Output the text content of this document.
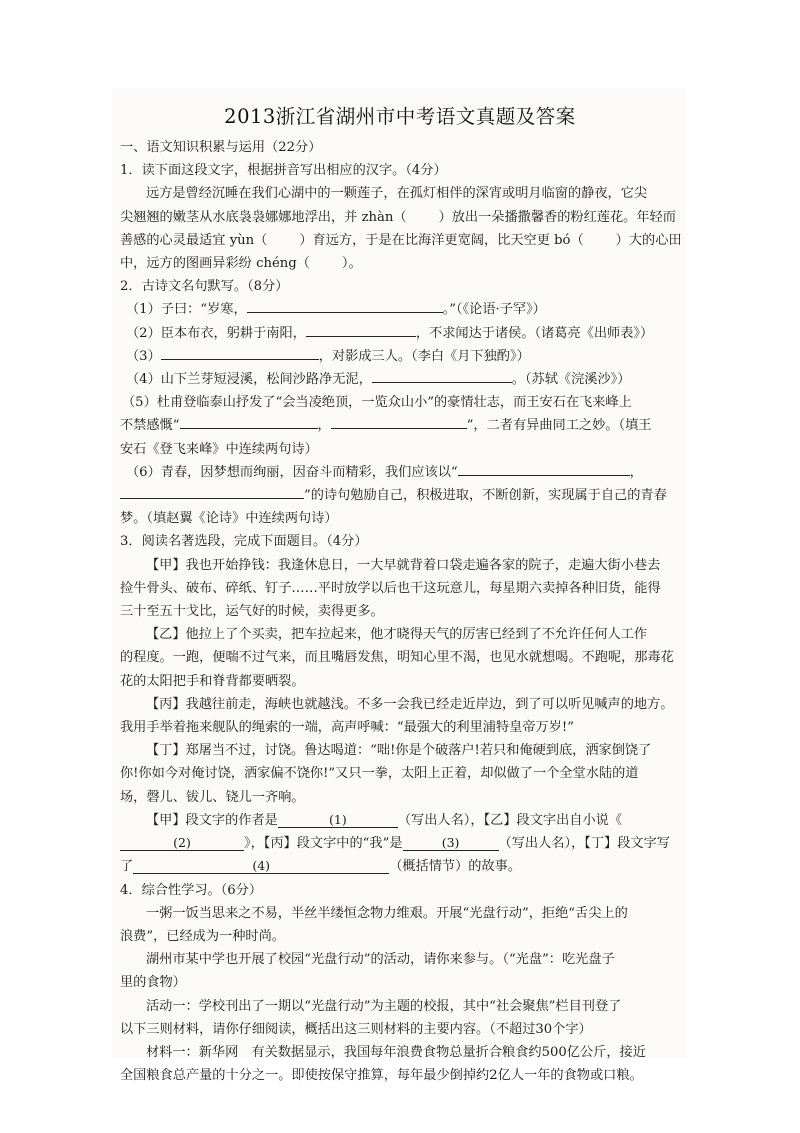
2013浙江省湖州市中考语文真题及答案
一、语文知识积累与运用（22分）
1．读下面这段文字，根据拼音写出相应的汉字。（4分）
远方是曾经沉睡在我们心湖中的一颗莲子，在孤灯相伴的深宵或明月临窗的静夜，它尖
尖翘翘的嫩茎从水底袅袅娜娜地浮出，并 zhàn（ ）放出一朵播撒馨香的粉红莲花。年轻而
善感的心灵最适宜 yùn（ ）育远方，于是在比海洋更宽阔，比天空更 bó（ ）大的心田
中，远方的图画异彩纷 chéng（ ）。
2．古诗文名句默写。（8分）
（1）子曰：“岁寒，	。”（《论语·子罕》）
（2）臣本布衣，躬耕于南阳，	，不求闻达于诸侯。（诸葛亮《出师表》）
（3）	，对影成三人。（李白《月下独酌》）
（4）山下兰芽短浸溪，松间沙路净无泥，	。（苏轼《浣溪沙》）
（5）杜甫登临泰山抒发了“会当凌绝顶，一览众山小”的豪情壮志，而王安石在飞来峰上
不禁感慨“	，	”，二者有异曲同工之妙。（填王
安石《登飞来峰》中连续两句诗）
（6）青春，因梦想而绚丽，因奋斗而精彩，我们应该以“	，
”的诗句勉励自己，积极进取，不断创新，实现属于自己的青春
梦。（填赵翼《论诗》中连续两句诗）
3．阅读名著选段，完成下面题目。（4分）
【甲】我也开始挣钱：我逢休息日，一大早就背着口袋走遍各家的院子，走遍大街小巷去
捡牛骨头、破布、碎纸、钉子……平时放学以后也干这玩意儿，每星期六卖掉各种旧货，能得
三十至五十戈比，运气好的时候，卖得更多。
【乙】他拉上了个买卖，把车拉起来，他才晓得天气的厉害已经到了不允许任何人工作
的程度。一跑，便喘不过气来，而且嘴唇发焦，明知心里不渴，也见水就想喝。不跑呢，那毒花
花的太阳把手和脊背都要晒裂。
【丙】我越往前走，海峡也就越浅。不多一会我已经走近岸边，到了可以听见喊声的地方。
我用手举着拖来舰队的绳索的一端，高声呼喊：“最强大的利里浦特皇帝万岁!”
【丁】郑屠当不过，讨饶。鲁达喝道：“咄!你是个破落户!若只和俺硬到底，洒家倒饶了
你!你如今对俺讨饶，洒家偏不饶你!”又只一拳，太阳上正着，却似做了一个全堂水陆的道
场，磬儿、钹儿、铙儿一齐响。
【甲】段文字的作者是	(1)	（写出人名），【乙】段文字出自小说《
(2)	》，【丙】段文字中的“我”是	(3)	（写出人名），【丁】段文字写
了	(4)	（概括情节）的故事。
4．综合性学习。（6分）
一粥一饭当思来之不易，半丝半缕恒念物力维艰。开展“光盘行动”，拒绝“舌尖上的
浪费”，已经成为一种时尚。
湖州市某中学也开展了校园“光盘行动”的活动，请你来参与。（“光盘”：吃光盘子
里的食物）
活动一：学校刊出了一期以“光盘行动”为主题的校报，其中“社会聚焦”栏目刊登了
以下三则材料，请你仔细阅读，概括出这三则材料的主要内容。（不超过30个字）
材料一：新华网　有关数据显示，我国每年浪费食物总量折合粮食约500亿公斤，接近
全国粮食总产量的十分之一。即使按保守推算，每年最少倒掉约2亿人一年的食物或口粮。
